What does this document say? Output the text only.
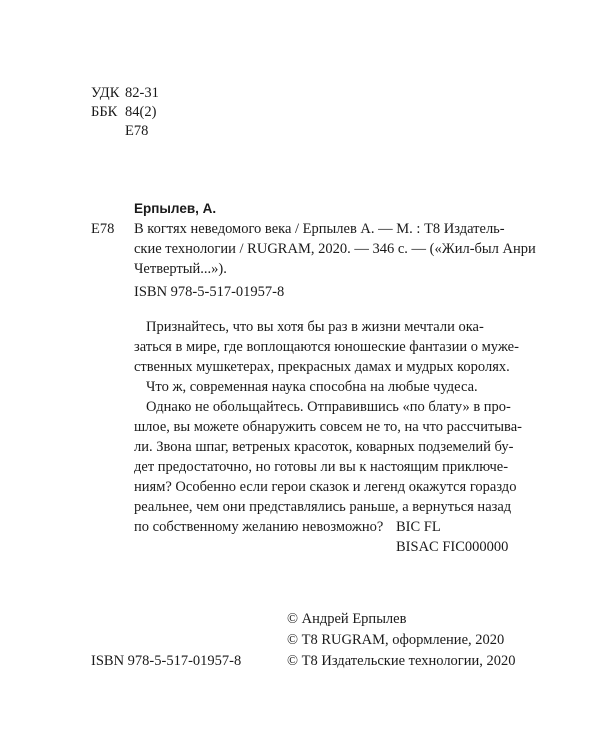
УДК 82-31
ББК 84(2)
Е78
Ерпылев, А.
Е78 В когтях неведомого века / Ерпылев А. — М. : Т8 Издатель-
ские технологии / RUGRAM, 2020. — 346 с. — («Жил-был Анри
Четвертый...»).
ISBN 978-5-517-01957-8
Признайтесь, что вы хотя бы раз в жизни мечтали ока-
заться в мире, где воплощаются юношеские фантазии о муже-
ственных мушкетерах, прекрасных дамах и мудрых королях.
Что ж, современная наука способна на любые чудеса.
Однако не обольщайтесь. Отправившись «по блату» в про-
шлое, вы можете обнаружить совсем не то, на что рассчитыва-
ли. Звона шпаг, ветреных красоток, коварных подземелий бу-
дет предостаточно, но готовы ли вы к настоящим приключе-
ниям? Особенно если герои сказок и легенд окажутся гораздо
реальнее, чем они представлялись раньше, а вернуться назад
по собственному желанию невозможно? BIC FL
BISAC FIC000000
© Андрей Ерпылев
© Т8 RUGRAM, оформление, 2020
ISBN 978-5-517-01957-8	© Т8 Издательские технологии, 2020
